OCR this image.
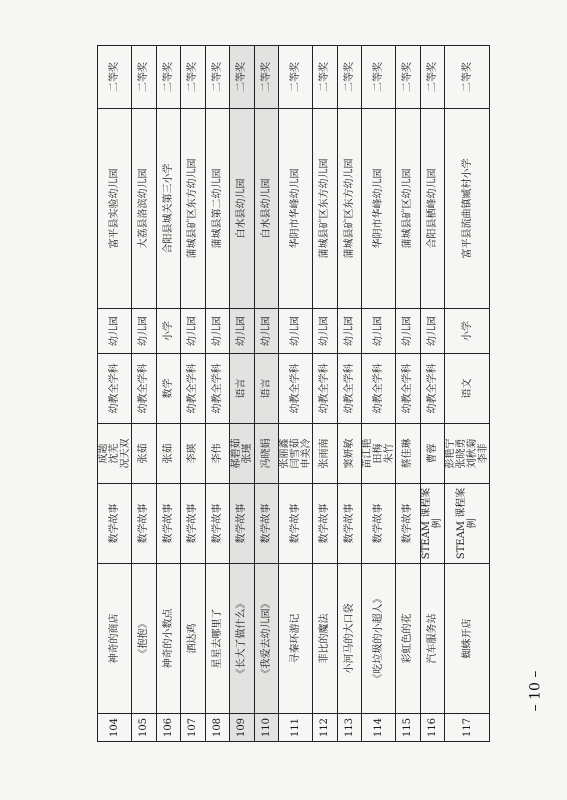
104	神奇的商店	数学故事	成题
沈芜
况天双	幼教全学科	幼儿园	富平县实验幼儿园	二等奖
105	《抱抱》	数学故事	张茹	幼教全学科	幼儿园	大荔县洛滨幼儿园	二等奖
106	神奇的小数点	数学故事	张茹	数学	小学	合阳县城关第三小学	二等奖
107	酒达鸡	数学故事	李瑛	幼教全学科	幼儿园	蒲城县矿区东方幼儿园	二等奖
108	星星去哪里了	数学故事	李伟	幼教全学科	幼儿园	蒲城县第二幼儿园	二等奖
109	《长大了做什么》	数学故事	郝碧茹
张瑾	语言	幼儿园	白水县幼儿园	二等奖
110	《我爱去幼儿园》	数学故事	冯晓娟	语言	幼儿园	白水县幼儿园	二等奖
111	寻秦环游记	数学故事	张丽鑫
闫雪茹
申美冷	幼教全学科	幼儿园	华阴市华峰幼儿园	二等奖
112	菲比的魔法	数学故事	张雨南	幼教全学科	幼儿园	蒲城县矿区东方幼儿园	二等奖
113	小河马的大口袋	数学故事	窦妍敏	幼教全学科	幼儿园	蒲城县矿区东方幼儿园	二等奖
114	《吃垃圾的小超人》	数学故事	苗江艳
田梅
朱竹	幼教全学科	幼儿园	华阴市华峰幼儿园	二等奖
115	彩虹色的花	数学故事	蔡佳琳	幼教全学科	幼儿园	蒲城县矿区幼儿园	二等奖
116	汽车服务站	STEAM 课程案例	曹蓉	幼教全学科	幼儿园	合阳县栖峰幼儿园	二等奖
117	蜘蛛开店	STEAM 课程案例	彭艳宁
张晓勇
刘秋菊
李菲	语文	小学	富平县流曲镇臧村小学	二等奖
– 10 –
